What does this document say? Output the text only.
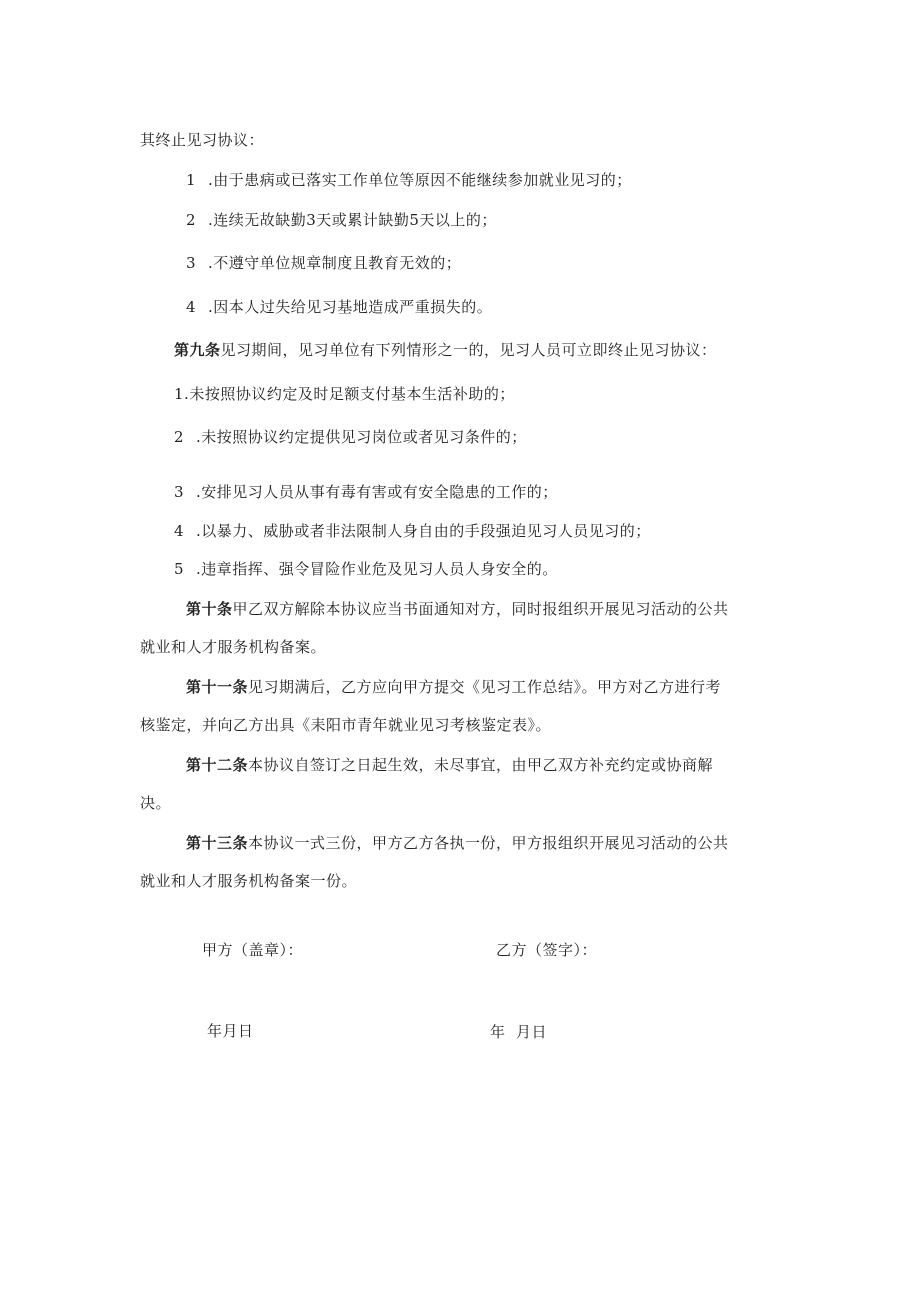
其终止见习协议：
1 .由于患病或已落实工作单位等原因不能继续参加就业见习的；
2 .连续无故缺勤3天或累计缺勤5天以上的；
3 .不遵守单位规章制度且教育无效的；
4 .因本人过失给见习基地造成严重损失的。
第九条见习期间，见习单位有下列情形之一的，见习人员可立即终止见习协议：
1.未按照协议约定及时足额支付基本生活补助的；
2 .未按照协议约定提供见习岗位或者见习条件的；
3 .安排见习人员从事有毒有害或有安全隐患的工作的；
4 .以暴力、威胁或者非法限制人身自由的手段强迫见习人员见习的；
5 .违章指挥、强令冒险作业危及见习人员人身安全的。
第十条甲乙双方解除本协议应当书面通知对方，同时报组织开展见习活动的公共
就业和人才服务机构备案。
第十一条见习期满后，乙方应向甲方提交《见习工作总结》。甲方对乙方进行考
核鉴定，并向乙方出具《耒阳市青年就业见习考核鉴定表》。
第十二条本协议自签订之日起生效，未尽事宜，由甲乙双方补充约定或协商解
决。
第十三条本协议一式三份，甲方乙方各执一份，甲方报组织开展见习活动的公共
就业和人才服务机构备案一份。
甲方（盖章）：	乙方（签字）：
年月日	年  月日
